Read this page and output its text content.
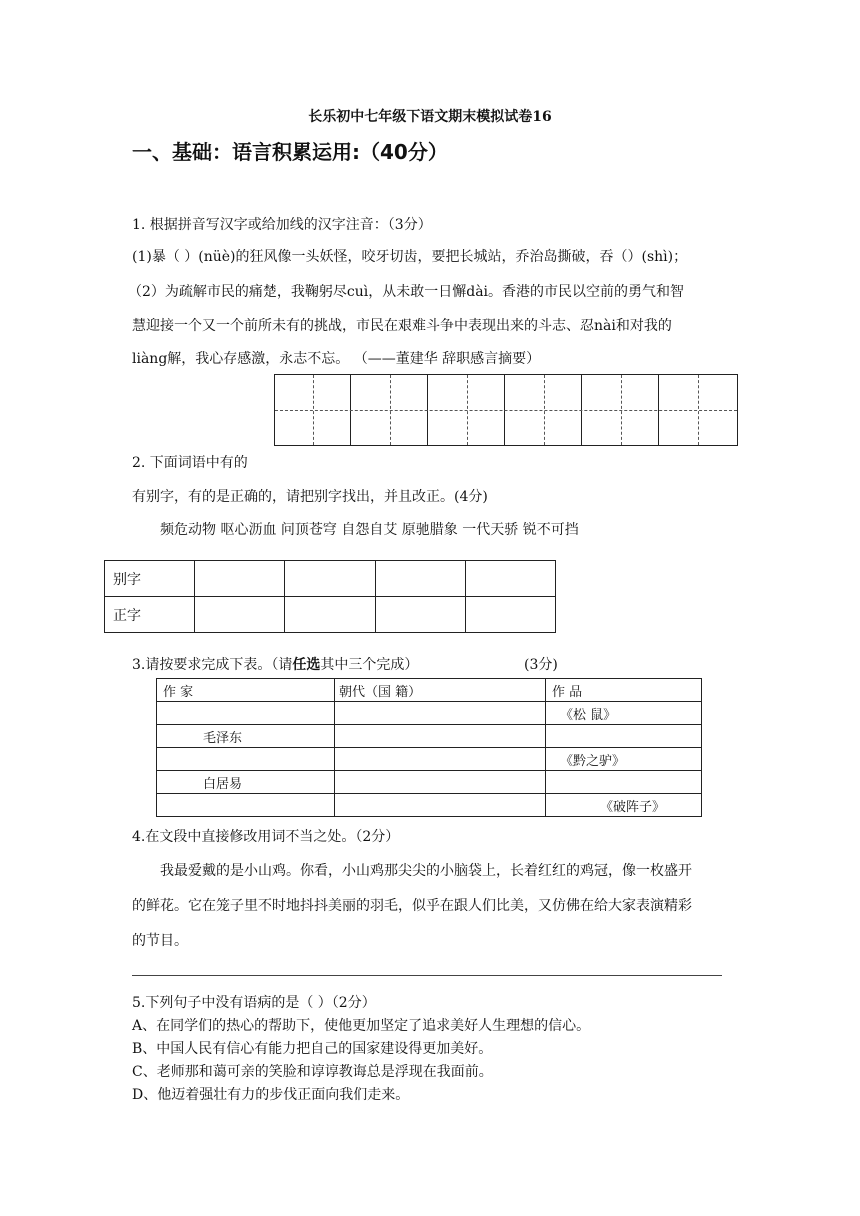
长乐初中七年级下语文期末模拟试卷16
一、基础：语言积累运用:（40分）
1. 根据拼音写汉字或给加线的汉字注音：（3分）
(1)暴（ ）(nüè)的狂风像一头妖怪，咬牙切齿，要把长城站，乔治岛撕破，吞（）(shì)；
（2）为疏解市民的痛楚，我鞠躬尽cuì，从未敢一日懈dài。香港的市民以空前的勇气和智
慧迎接一个又一个前所未有的挑战，市民在艰难斗争中表现出来的斗志、忍nài和对我的
liàng解，我心存感激，永志不忘。 （——董建华 辞职感言摘要）
2. 下面词语中有的
有别字，有的是正确的，请把别字找出，并且改正。(4分)
频危动物 呕心沥血 问顶苍穹 自怨自艾 原驰腊象 一代天骄 锐不可挡
别字				
正字				
3.请按要求完成下表。（请任选其中三个完成）	(3分)
作 家	朝代（国 籍）	作 品
		《松 鼠》
毛泽东		
		《黔之驴》
白居易		
		《破阵子》
4.在文段中直接修改用词不当之处。（2分）
我最爱戴的是小山鸡。你看，小山鸡那尖尖的小脑袋上，长着红红的鸡冠，像一枚盛开
的鲜花。它在笼子里不时地抖抖美丽的羽毛，似乎在跟人们比美，又仿佛在给大家表演精彩
的节目。
5.下列句子中没有语病的是（ ）（2分）
A、在同学们的热心的帮助下，使他更加坚定了追求美好人生理想的信心。
B、中国人民有信心有能力把自己的国家建设得更加美好。
C、老师那和蔼可亲的笑脸和谆谆教诲总是浮现在我面前。
D、他迈着强壮有力的步伐正面向我们走来。
